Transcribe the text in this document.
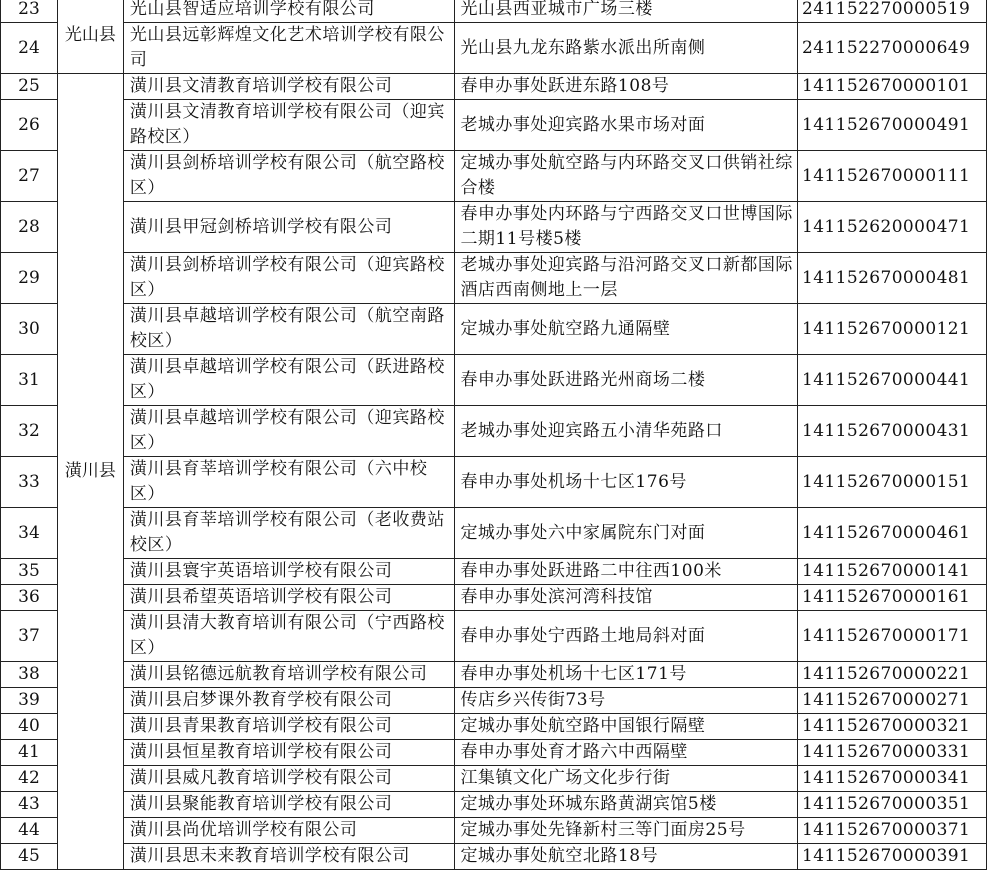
23	光山县	光山县智适应培训学校有限公司	光山县西亚城市广场三楼	241152270000519
24		光山县远彰辉煌文化艺术培训学校有限公司	光山县九龙东路紫水派出所南侧	241152270000649
25	潢川县	潢川县文清教育培训学校有限公司	春申办事处跃进东路108号	141152670000101
26		潢川县文清教育培训学校有限公司（迎宾路校区）	老城办事处迎宾路水果市场对面	141152670000491
27		潢川县剑桥培训学校有限公司（航空路校区）	定城办事处航空路与内环路交叉口供销社综合楼	141152670000111
28		潢川县甲冠剑桥培训学校有限公司	春申办事处内环路与宁西路交叉口世博国际二期11号楼5楼	141152620000471
29		潢川县剑桥培训学校有限公司（迎宾路校区）	老城办事处迎宾路与沿河路交叉口新都国际酒店西南侧地上一层	141152670000481
30		潢川县卓越培训学校有限公司（航空南路校区）	定城办事处航空路九通隔壁	141152670000121
31		潢川县卓越培训学校有限公司（跃进路校区）	春申办事处跃进路光州商场二楼	141152670000441
32		潢川县卓越培训学校有限公司（迎宾路校区）	老城办事处迎宾路五小清华苑路口	141152670000431
33		潢川县育莘培训学校有限公司（六中校区）	春申办事处机场十七区176号	141152670000151
34		潢川县育莘培训学校有限公司（老收费站校区）	定城办事处六中家属院东门对面	141152670000461
35		潢川县寰宇英语培训学校有限公司	春申办事处跃进路二中往西100米	141152670000141
36		潢川县希望英语培训学校有限公司	春申办事处滨河湾科技馆	141152670000161
37		潢川县清大教育培训有限公司（宁西路校区）	春申办事处宁西路土地局斜对面	141152670000171
38		潢川县铭德远航教育培训学校有限公司	春申办事处机场十七区171号	141152670000221
39		潢川县启梦课外教育学校有限公司	传店乡兴传街73号	141152670000271
40		潢川县青果教育培训学校有限公司	定城办事处航空路中国银行隔壁	141152670000321
41		潢川县恒星教育培训学校有限公司	春申办事处育才路六中西隔壁	141152670000331
42		潢川县威凡教育培训学校有限公司	江集镇文化广场文化步行街	141152670000341
43		潢川县聚能教育培训学校有限公司	定城办事处环城东路黄湖宾馆5楼	141152670000351
44		潢川县尚优培训学校有限公司	定城办事处先锋新村三等门面房25号	141152670000371
45		潢川县思未来教育培训学校有限公司	定城办事处航空北路18号	141152670000391
